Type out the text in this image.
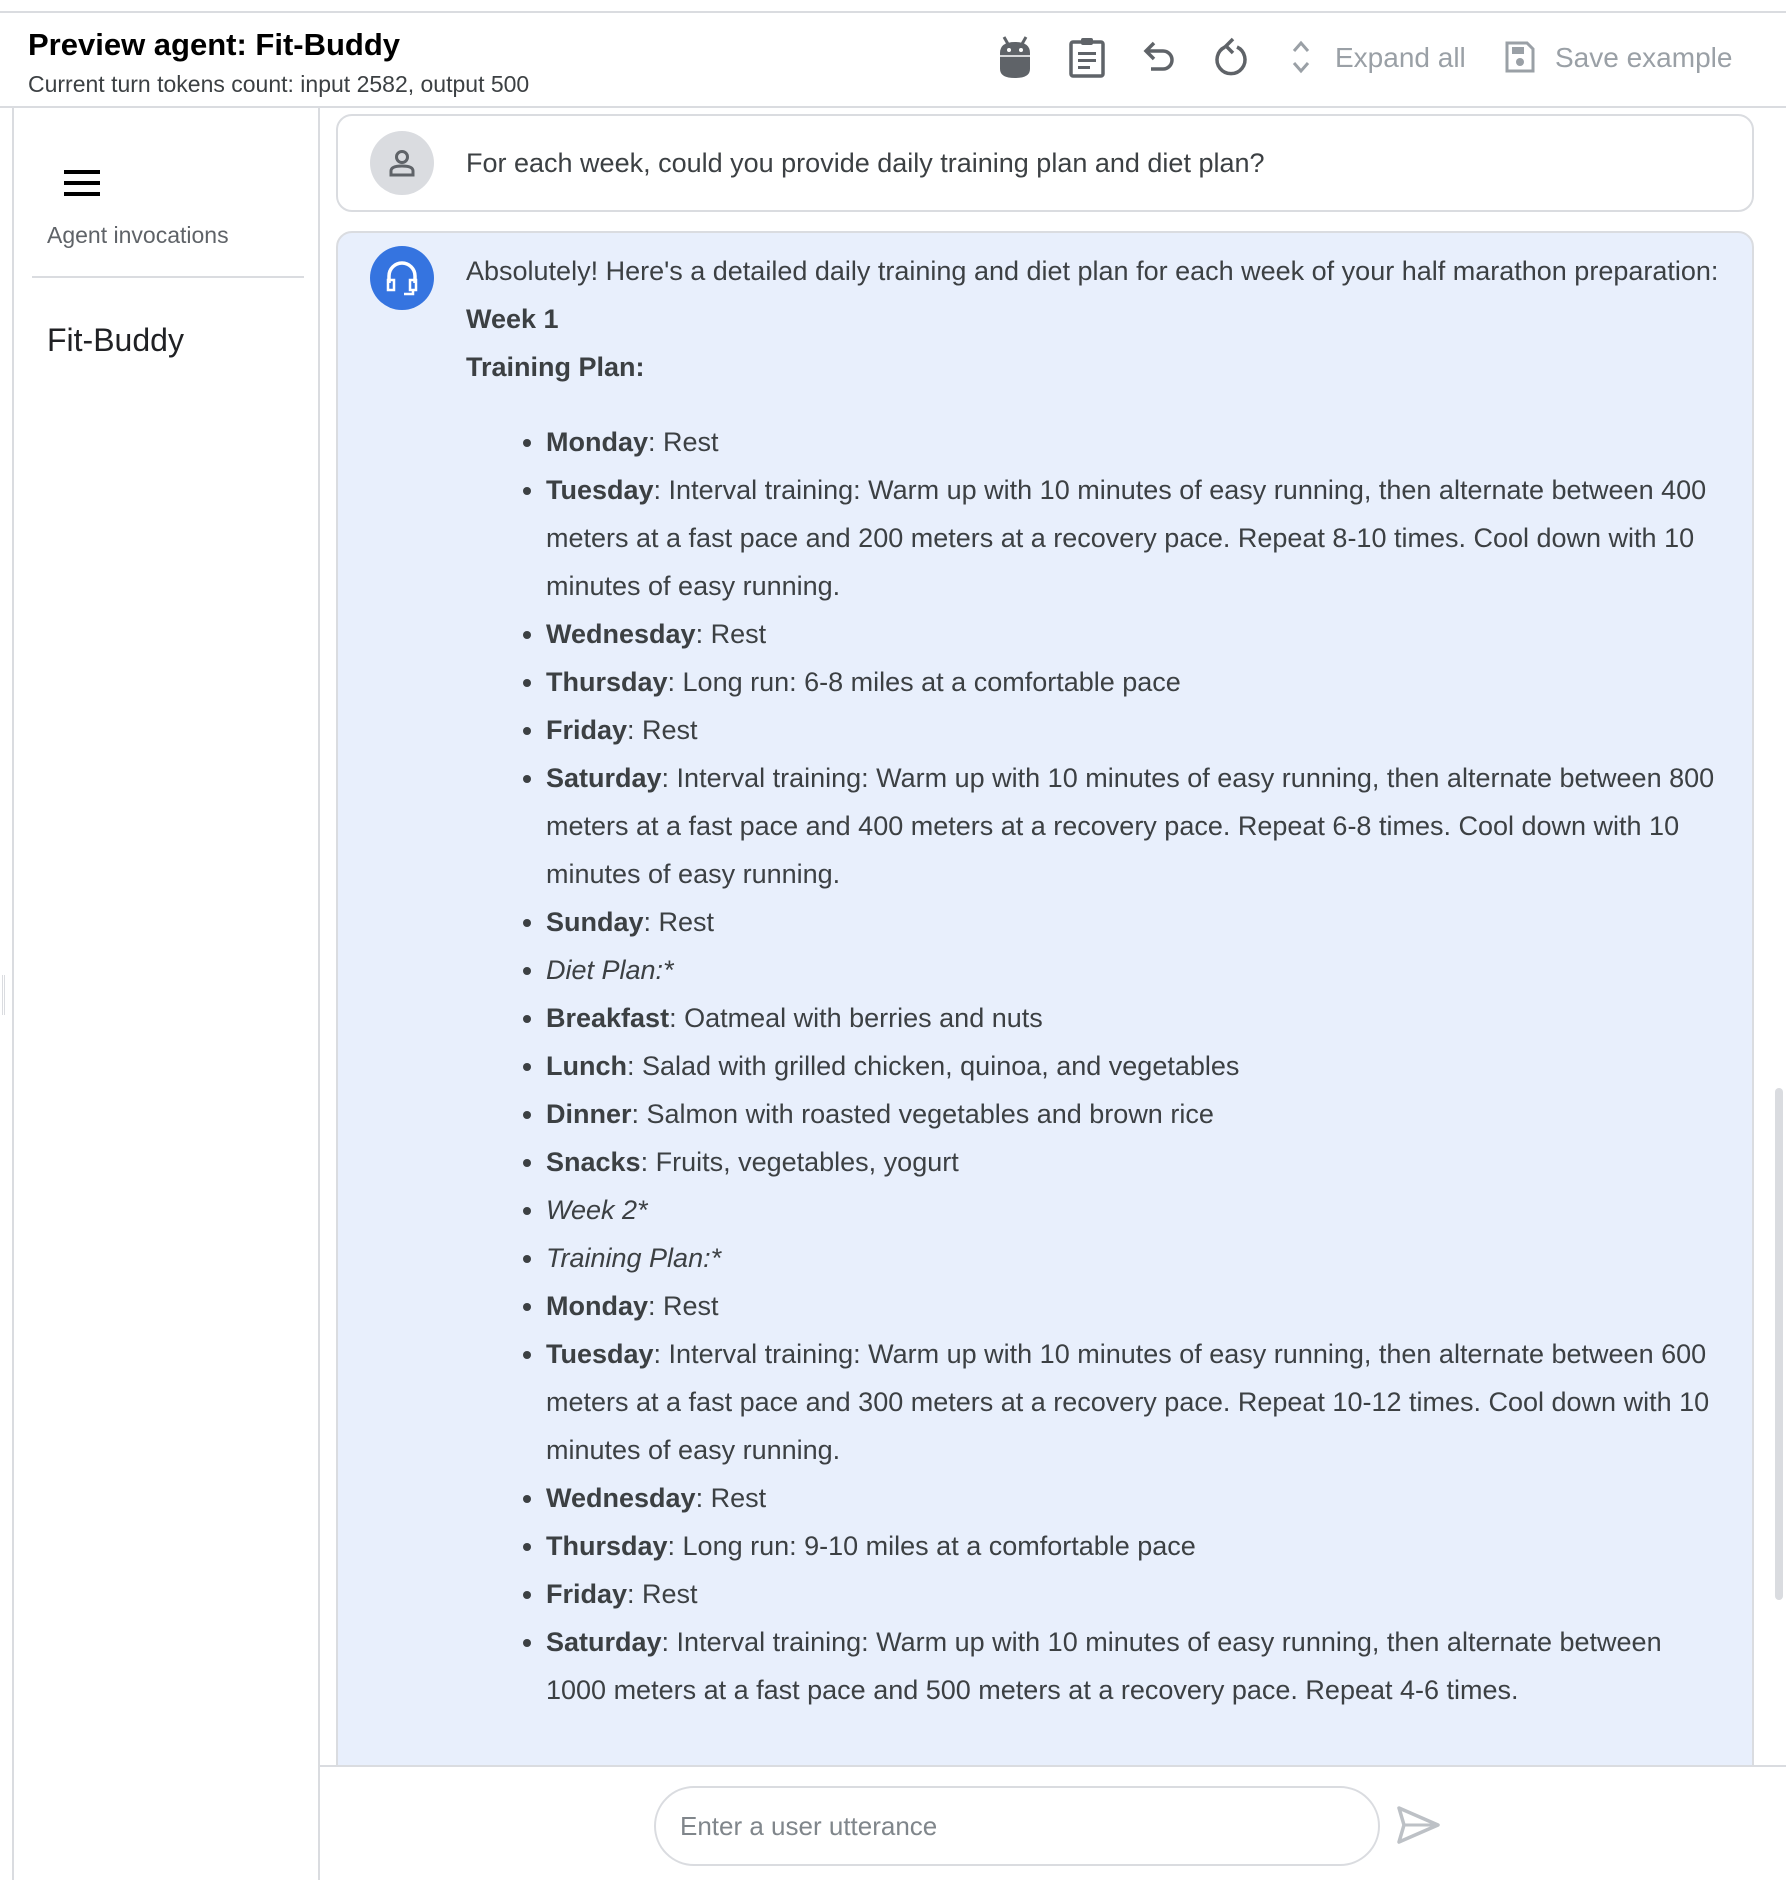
Preview agent: Fit-Buddy
Current turn tokens count: input 2582, output 500
Expand all	Save example
Agent invocations
Fit-Buddy
For each week, could you provide daily training plan and diet plan?
Absolutely! Here's a detailed daily training and diet plan for each week of your half marathon preparation:
Week 1
Training Plan:
• Monday: Rest
• Tuesday: Interval training: Warm up with 10 minutes of easy running, then alternate between 400 meters at a fast pace and 200 meters at a recovery pace. Repeat 8-10 times. Cool down with 10 minutes of easy running.
• Wednesday: Rest
• Thursday: Long run: 6-8 miles at a comfortable pace
• Friday: Rest
• Saturday: Interval training: Warm up with 10 minutes of easy running, then alternate between 800 meters at a fast pace and 400 meters at a recovery pace. Repeat 6-8 times. Cool down with 10 minutes of easy running.
• Sunday: Rest
• Diet Plan:*
• Breakfast: Oatmeal with berries and nuts
• Lunch: Salad with grilled chicken, quinoa, and vegetables
• Dinner: Salmon with roasted vegetables and brown rice
• Snacks: Fruits, vegetables, yogurt
• Week 2*
• Training Plan:*
• Monday: Rest
• Tuesday: Interval training: Warm up with 10 minutes of easy running, then alternate between 600 meters at a fast pace and 300 meters at a recovery pace. Repeat 10-12 times. Cool down with 10 minutes of easy running.
• Wednesday: Rest
• Thursday: Long run: 9-10 miles at a comfortable pace
• Friday: Rest
• Saturday: Interval training: Warm up with 10 minutes of easy running, then alternate between 1000 meters at a fast pace and 500 meters at a recovery pace. Repeat 4-6 times.
Enter a user utterance
